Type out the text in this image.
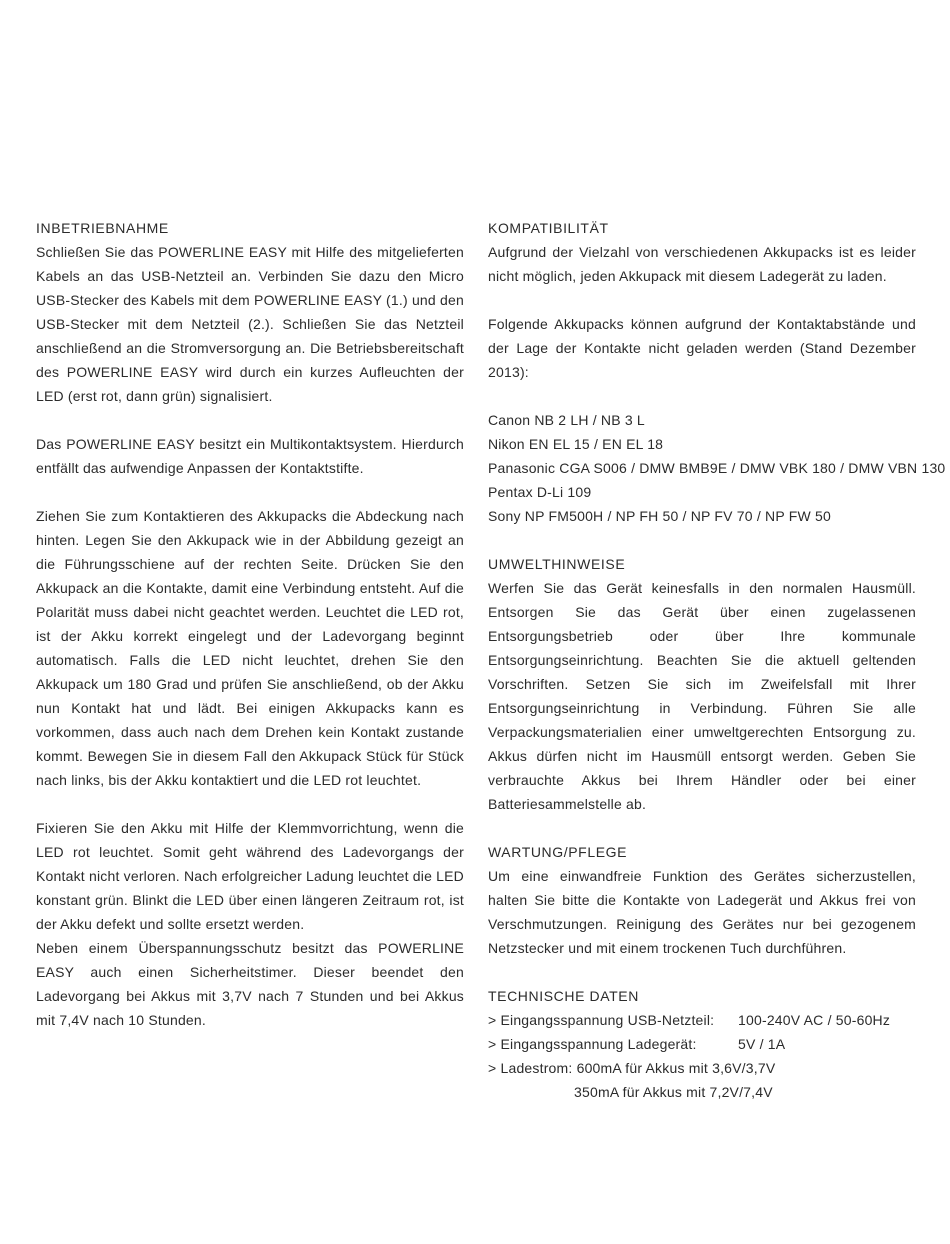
INBETRIEBNAHME

Schließen Sie das POWERLINE EASY mit Hilfe des mitgelieferten Kabels an das USB-Netzteil an. Verbinden Sie dazu den Micro USB-Stecker des Kabels mit dem POWERLINE EASY (1.) und den USB-Stecker mit dem Netzteil (2.). Schließen Sie das Netzteil anschließend an die Stromversorgung an. Die Betriebsbereitschaft des POWERLINE EASY wird durch ein kurzes Aufleuchten der LED (erst rot, dann grün) signalisiert.

Das POWERLINE EASY besitzt ein Multikontaktsystem. Hierdurch entfällt das aufwendige Anpassen der Kontaktstifte.

Ziehen Sie zum Kontaktieren des Akkupacks die Abdeckung nach hinten. Legen Sie den Akkupack wie in der Abbildung gezeigt an die Führungsschiene auf der rechten Seite. Drücken Sie den Akkupack an die Kontakte, damit eine Verbindung entsteht. Auf die Polarität muss dabei nicht geachtet werden. Leuchtet die LED rot, ist der Akku korrekt eingelegt und der Ladevorgang beginnt automatisch. Falls die LED nicht leuchtet, drehen Sie den Akkupack um 180 Grad und prüfen Sie anschließend, ob der Akku nun Kontakt hat und lädt. Bei einigen Akkupacks kann es vorkommen, dass auch nach dem Drehen kein Kontakt zustande kommt. Bewegen Sie in diesem Fall den Akkupack Stück für Stück nach links, bis der Akku kontaktiert und die LED rot leuchtet.

Fixieren Sie den Akku mit Hilfe der Klemmvorrichtung, wenn die LED rot leuchtet. Somit geht während des Ladevorgangs der Kontakt nicht verloren. Nach erfolgreicher Ladung leuchtet die LED konstant grün. Blinkt die LED über einen längeren Zeitraum rot, ist der Akku defekt und sollte ersetzt werden.

Neben einem Überspannungsschutz besitzt das POWERLINE EASY auch einen Sicherheitstimer. Dieser beendet den Ladevorgang bei Akkus mit 3,7V nach 7 Stunden und bei Akkus mit 7,4V nach 10 Stunden.

KOMPATIBILITÄT

Aufgrund der Vielzahl von verschiedenen Akkupacks ist es leider nicht möglich, jeden Akkupack mit diesem Ladegerät zu laden.

Folgende Akkupacks können aufgrund der Kontaktabstände und der Lage der Kontakte nicht geladen werden (Stand Dezember 2013):

Canon NB 2 LH / NB 3 L

Nikon EN EL 15 / EN EL 18

Panasonic CGA S006 / DMW BMB9E / DMW VBK 180 / DMW VBN 130

Pentax D-Li 109

Sony NP FM500H / NP FH 50 / NP FV 70 / NP FW 50

UMWELTHINWEISE

Werfen Sie das Gerät keinesfalls in den normalen Hausmüll. Entsorgen Sie das Gerät über einen zugelassenen Entsorgungsbetrieb oder über Ihre kommunale Entsorgungseinrichtung. Beachten Sie die aktuell geltenden Vorschriften. Setzen Sie sich im Zweifelsfall mit Ihrer Entsorgungseinrichtung in Verbindung. Führen Sie alle Verpackungsmaterialien einer umweltgerechten Entsorgung zu. Akkus dürfen nicht im Hausmüll entsorgt werden. Geben Sie verbrauchte Akkus bei Ihrem Händler oder bei einer Batteriesammelstelle ab.

WARTUNG/PFLEGE

Um eine einwandfreie Funktion des Gerätes sicherzustellen, halten Sie bitte die Kontakte von Ladegerät und Akkus frei von Verschmutzungen. Reinigung des Gerätes nur bei gezogenem Netzstecker und mit einem trockenen Tuch durchführen.

TECHNISCHE DATEN

> Eingangsspannung USB-Netzteil:	100-240V AC / 50-60Hz
> Eingangsspannung Ladegerät:	5V / 1A

> Ladestrom: 600mA für Akkus mit 3,6V/3,7V

350mA für Akkus mit 7,2V/7,4V
